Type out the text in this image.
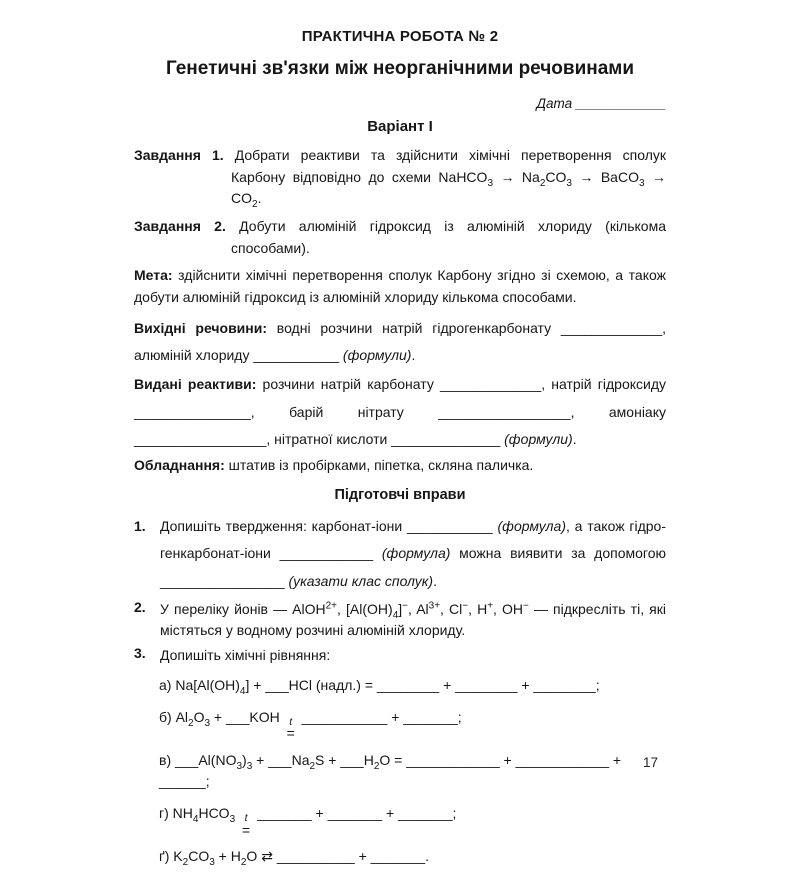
ПРАКТИЧНА РОБОТА № 2
Генетичні зв'язки між неорганічними речовинами
Дата ____________
Варіант І
Завдання 1. Добрати реактиви та здійснити хімічні перетворення сполук Карбону відповідно до схеми NaHCO$_3$ → $Na_2CO_3$ → BaCO$_3$ → $CO_2$.
Завдання 2. Добути алюміній гідроксид із алюміній хлориду (кількома способами).
Мета: здійснити хімічні перетворення сполук Карбону згідно зі схемою, а також добути алюміній гідроксид із алюміній хлориду кількома способами.
Вихідні речовини: водні розчини натрій гідрогенкарбонату _____________, алюміній хлориду ___________ (формули).
Видані реактиви: розчини натрій карбонату _____________, натрій гідроксиду _______________, барій нітрату _________________, амоніаку _________________, нітратної кислоти ______________ (формули).
Обладнання: штатив із пробірками, піпетка, скляна паличка.
Підготовчі вправи
1.	Допишіть твердження: карбонат-іони ___________ (формула), а також гідро-генкарбонат-іони ____________ (формула) можна виявити за допомогою ________________ (указати клас сполук).
2.	У переліку йонів — AlOH$^{2+}$, $[Al(OH)_4]^-$, $Al^{3+}$, Cl−, H+, OH− — підкресліть ті, які містяться у водному розчині алюміній хлориду.
3.	Допишіть хімічні рівняння:
а) $Na[Al(OH)_4]$ + ___HCl (надл.) = ________ + ________ + ________;
б) $Al_2O_3$ + ___KOH t
=
___________ + _______;
в) $\_\_\_Al(NO_3)_3$ + $\_\_\_Na_2S$ + $\_\_\_H_2O$ = ____________ + ____________ + ______;
г) $NH_4HCO_3$ t
=
_______ + _______ + _______;
ґ) $K_2CO_3 + H_2O$ ⇄ __________ + _______.
17
